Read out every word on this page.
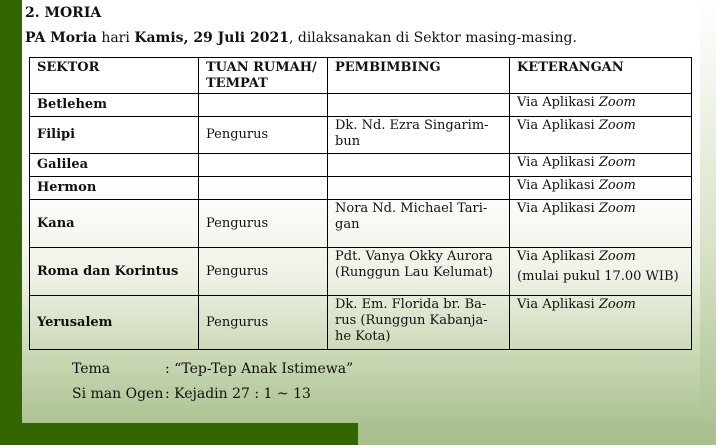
2. MORIA
PA Moria hari Kamis, 29 Juli 2021, dilaksanakan di Sektor masing-masing.
SEKTOR	TUAN RUMAH/ TEMPAT	PEMBIMBING	KETERANGAN
Betlehem			Via Aplikasi Zoom
Filipi	Pengurus	Dk. Nd. Ezra Singarim-bun	Via Aplikasi Zoom
Galilea			Via Aplikasi Zoom
Hermon			Via Aplikasi Zoom
Kana	Pengurus	Nora Nd. Michael Tari-gan	Via Aplikasi Zoom
Roma dan Korintus	Pengurus	Pdt. Vanya Okky Aurora (Runggun Lau Kelumat)	Via Aplikasi Zoom
(mulai pukul 17.00 WIB)

Yerusalem	Pengurus	Dk. Em. Florida br. Ba-rus (Runggun Kabanja-he Kota)	Via Aplikasi Zoom
Tema	: “Tep-Tep Anak Istimewa”
Si man Ogen : Kejadin 27 : 1 ~ 13
